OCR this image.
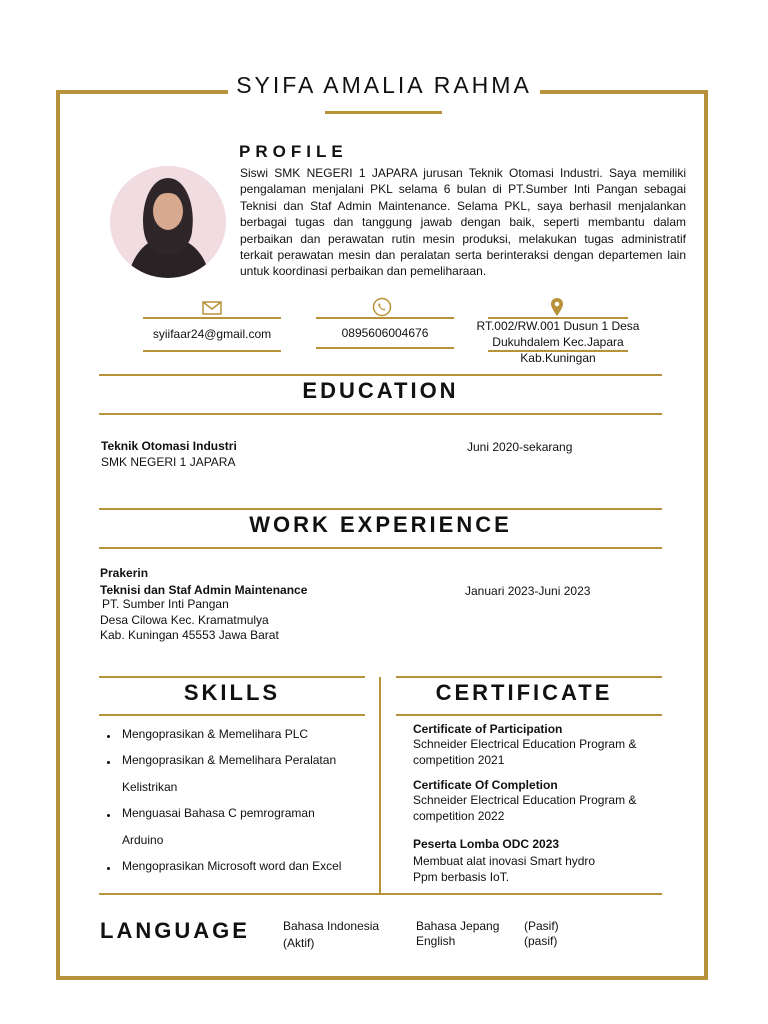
SYIFA AMALIA RAHMA
PROFILE
Siswi SMK NEGERI 1 JAPARA jurusan Teknik Otomasi Industri. Saya memiliki pengalaman menjalani PKL selama 6 bulan di PT.Sumber Inti Pangan sebagai Teknisi dan Staf Admin Maintenance. Selama PKL, saya berhasil menjalankan berbagai tugas dan tanggung jawab dengan baik, seperti membantu dalam perbaikan dan perawatan rutin mesin produksi, melakukan tugas administratif terkait perawatan mesin dan peralatan serta berinteraksi dengan departemen lain untuk koordinasi perbaikan dan pemeliharaan.
syiifaar24@gmail.com	0895606004676	RT.002/RW.001 Dusun 1 Desa
Dukuhdalem Kec.Japara
Kab.Kuningan
EDUCATION
Teknik Otomasi Industri
SMK NEGERI 1 JAPARA
Juni 2020-sekarang
WORK EXPERIENCE
Prakerin
Teknisi dan Staf Admin Maintenance
PT. Sumber Inti Pangan
Desa Cilowa Kec. Kramatmulya
Kab. Kuningan 45553 Jawa Barat
Januari 2023-Juni 2023
SKILLS
Mengoprasikan & Memelihara PLC
Mengoprasikan & Memelihara Peralatan
Kelistrikan
Menguasai Bahasa C pemrograman
Arduino
Mengoprasikan Microsoft word dan Excel
CERTIFICATE
Certificate of Participation
Schneider Electrical Education Program &
competition 2021
Certificate Of Completion
Schneider Electrical Education Program &
competition 2022
Peserta Lomba ODC 2023
Membuat alat inovasi Smart hydro
Ppm berbasis IoT.
LANGUAGE	Bahasa Indonesia
(Aktif)
Bahasa Jepang (Pasif)
English	(pasif)
